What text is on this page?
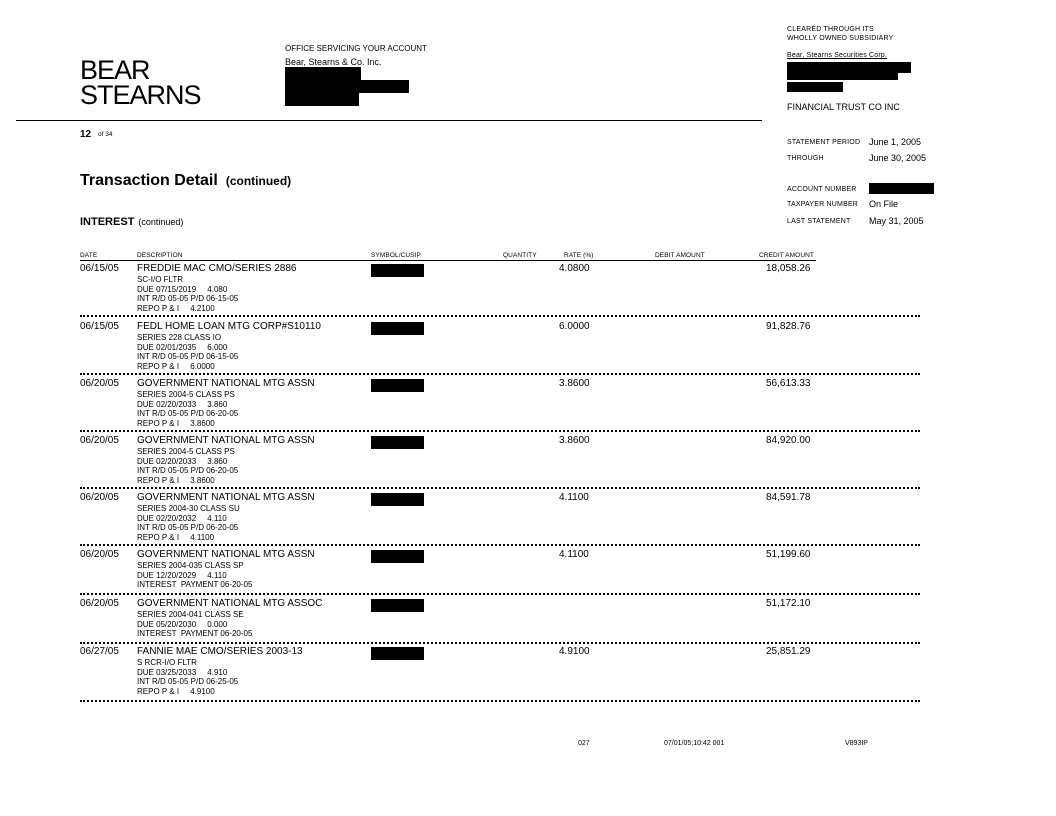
BEAR
STEARNS
OFFICE SERVICING YOUR ACCOUNT
Bear, Stearns & Co. Inc.
CLEARED THROUGH ITS
WHOLLY OWNED SUBSIDIARY
Bear, Stearns Securities Corp.
FINANCIAL TRUST CO INC
12 of 34
STATEMENT PERIOD June 1, 2005
THROUGH	June 30, 2005
ACCOUNT NUMBER
TAXPAYER NUMBER On File
LAST STATEMENT May 31, 2005
Transaction Detail (continued)
INTEREST (continued)
DATE	DESCRIPTION	SYMBOL/CUSIP	QUANTITY	RATE (%)	DEBIT AMOUNT	CREDIT AMOUNT
06/15/05 FREDDIE MAC CMO/SERIES 2886
SC-I/O FLTR
DUE 07/15/2019     4.080
INT R/D 05-05 P/D 06-15-05
REPO P & I     4.2100
4.0800	18,058.26
06/15/05 FEDL HOME LOAN MTG CORP#S10110
SERIES 228 CLASS IO
DUE 02/01/2035     6.000
INT R/D 05-05 P/D 06-15-05
REPO P & I     6.0000
6.0000	91,828.76
06/20/05 GOVERNMENT NATIONAL MTG ASSN
SERIES 2004-5 CLASS PS
DUE 02/20/2033     3.860
INT R/D 05-05 P/D 06-20-05
REPO P & I     3.8600
3.8600	56,613.33
06/20/05 GOVERNMENT NATIONAL MTG ASSN
SERIES 2004-5 CLASS PS
DUE 02/20/2033     3.860
INT R/D 05-05 P/D 06-20-05
REPO P & I     3.8600
3.8600	84,920.00
06/20/05 GOVERNMENT NATIONAL MTG ASSN
SERIES 2004-30 CLASS SU
DUE 02/20/2032     4.110
INT R/D 05-05 P/D 06-20-05
REPO P & I     4.1100
4.1100	84,591.78
06/20/05 GOVERNMENT NATIONAL MTG ASSN
SERIES 2004-035 CLASS SP
DUE 12/20/2029     4.110
INTEREST  PAYMENT 06-20-05
4.1100	51,199.60
06/20/05 GOVERNMENT NATIONAL MTG ASSOC
SERIES 2004-041 CLASS SE
DUE 05/20/2030     0.000
INTEREST  PAYMENT 06-20-05
51,172.10
06/27/05 FANNIE MAE CMO/SERIES 2003-13
S RCR-I/O FLTR
DUE 03/25/2033     4.910
INT R/D 05-05 P/D 06-25-05
REPO P & I     4.9100
4.9100	25,851.29
027	07/01/05;10:42 001	V893IP
